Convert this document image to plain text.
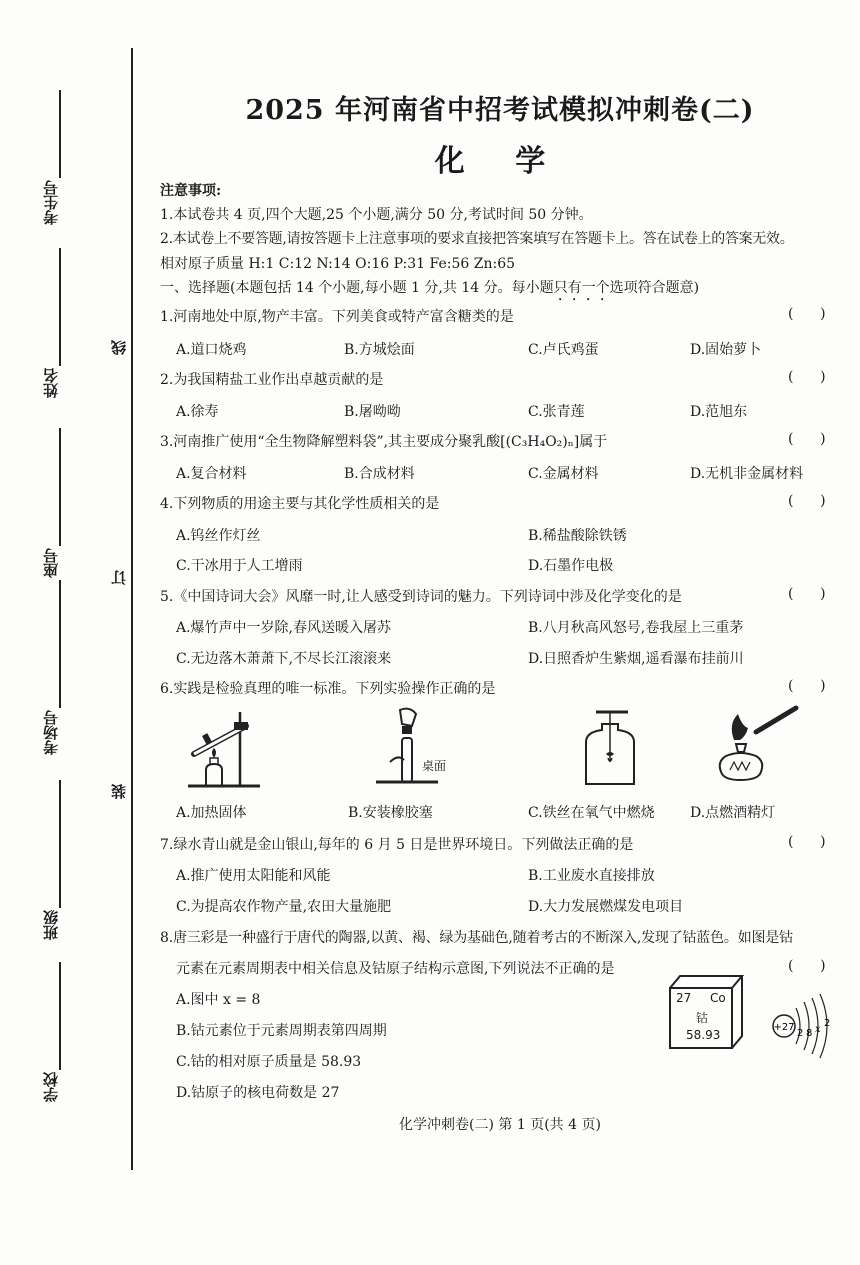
考生号
姓名
座号
考场号
班级
学校
线
订
装
2025 年河南省中招考试模拟冲刺卷(二)
化 学
注意事项:
1.本试卷共 4 页,四个大题,25 个小题,满分 50 分,考试时间 50 分钟。
2.本试卷上不要答题,请按答题卡上注意事项的要求直接把答案填写在答题卡上。答在试卷上的答案无效。
相对原子质量 H:1 C:12 N:14 O:16 P:31 Fe:56 Zn:65
一、选择题(本题包括 14 个小题,每小题 1 分,共 14 分。每小题只有一个选项符合题意)
1.河南地处中原,物产丰富。下列美食或特产富含糖类的是	(      )
A.道口烧鸡	B.方城烩面	C.卢氏鸡蛋	D.固始萝卜
2.为我国精盐工业作出卓越贡献的是	(      )
A.徐寿	B.屠呦呦	C.张青莲	D.范旭东
3.河南推广使用“全生物降解塑料袋”,其主要成分聚乳酸[(C₃H₄O₂)ₙ]属于	(      )
A.复合材料	B.合成材料	C.金属材料	D.无机非金属材料
4.下列物质的用途主要与其化学性质相关的是	(      )
A.钨丝作灯丝	B.稀盐酸除铁锈
C.干冰用于人工增雨	D.石墨作电极
5.《中国诗词大会》风靡一时,让人感受到诗词的魅力。下列诗词中涉及化学变化的是	(      )
A.爆竹声中一岁除,春风送暖入屠苏	B.八月秋高风怒号,卷我屋上三重茅
C.无边落木萧萧下,不尽长江滚滚来	D.日照香炉生紫烟,遥看瀑布挂前川
6.实践是检验真理的唯一标准。下列实验操作正确的是	(      )
桌面
A.加热固体	B.安装橡胶塞	C.铁丝在氧气中燃烧	D.点燃酒精灯
7.绿水青山就是金山银山,每年的 6 月 5 日是世界环境日。下列做法正确的是	(      )
A.推广使用太阳能和风能	B.工业废水直接排放
C.为提高农作物产量,农田大量施肥	D.大力发展燃煤发电项目
8.唐三彩是一种盛行于唐代的陶器,以黄、褐、绿为基础色,随着考古的不断深入,发现了钴蓝色。如图是钴
元素在元素周期表中相关信息及钴原子结构示意图,下列说法不正确的是	(      )
A.图中 x = 8
B.钴元素位于元素周期表第四周期
C.钴的相对原子质量是 58.93
D.钴原子的核电荷数是 27
27 Co
钴
58.93
+27
2 8 x
2
化学冲刺卷(二) 第 1 页(共 4 页)
